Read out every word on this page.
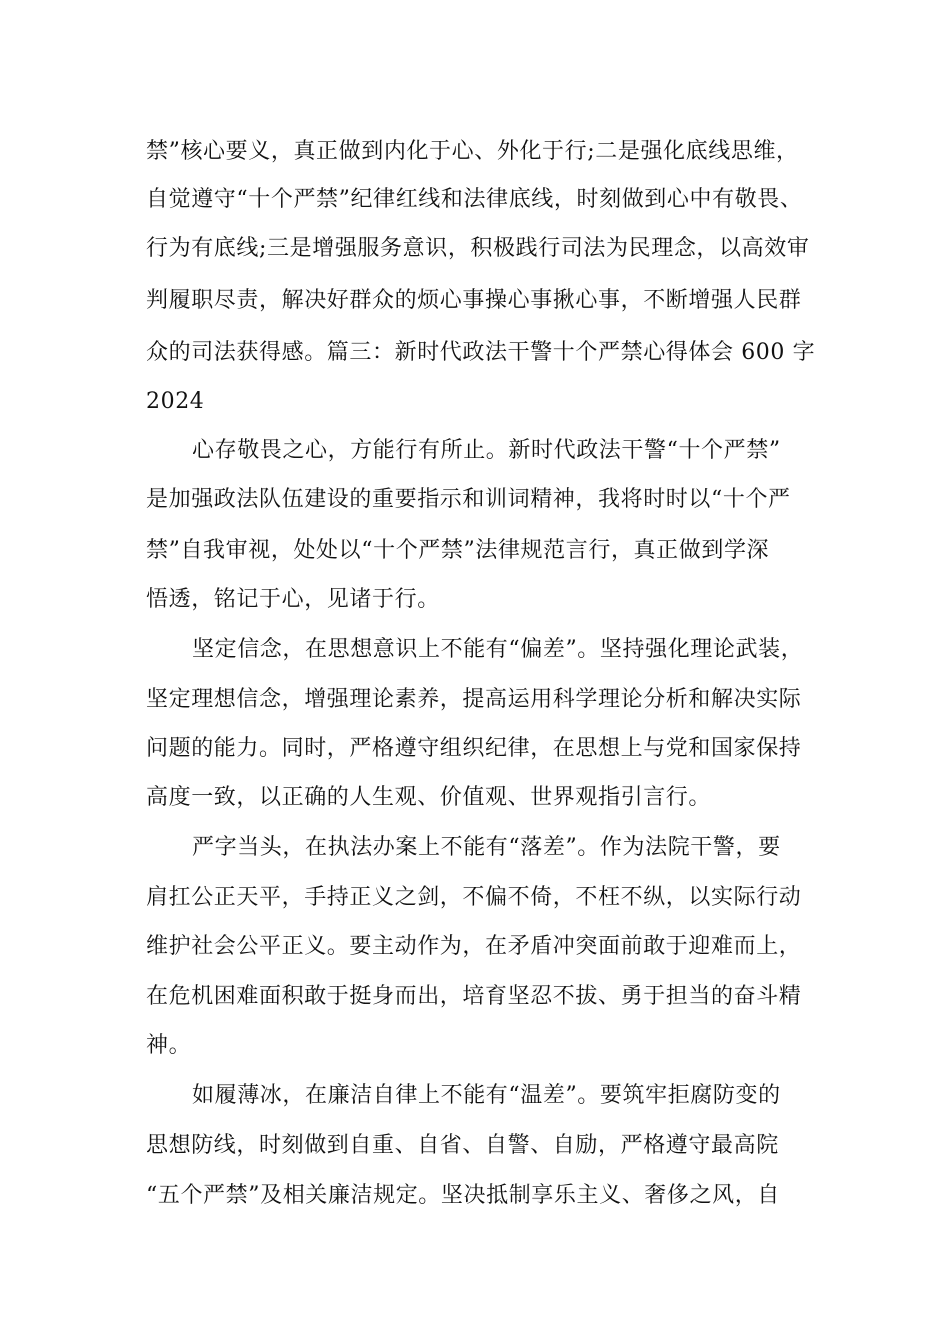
禁”核心要义，真正做到内化于心、外化于行;二是强化底线思维，
自觉遵守“十个严禁”纪律红线和法律底线，时刻做到心中有敬畏、
行为有底线;三是增强服务意识，积极践行司法为民理念，以高效审
判履职尽责，解决好群众的烦心事操心事揪心事，不断增强人民群
众的司法获得感。篇三：新时代政法干警十个严禁心得体会 600 字
2024
心存敬畏之心，方能行有所止。新时代政法干警“十个严禁”
是加强政法队伍建设的重要指示和训词精神，我将时时以“十个严
禁”自我审视，处处以“十个严禁”法律规范言行，真正做到学深
悟透，铭记于心，见诸于行。
坚定信念，在思想意识上不能有“偏差”。坚持强化理论武装，
坚定理想信念，增强理论素养，提高运用科学理论分析和解决实际
问题的能力。同时，严格遵守组织纪律，在思想上与党和国家保持
高度一致，以正确的人生观、价值观、世界观指引言行。
严字当头，在执法办案上不能有“落差”。作为法院干警，要
肩扛公正天平，手持正义之剑，不偏不倚，不枉不纵，以实际行动
维护社会公平正义。要主动作为，在矛盾冲突面前敢于迎难而上，
在危机困难面积敢于挺身而出，培育坚忍不拔、勇于担当的奋斗精
神。
如履薄冰，在廉洁自律上不能有“温差”。要筑牢拒腐防变的
思想防线，时刻做到自重、自省、自警、自励，严格遵守最高院
“五个严禁”及相关廉洁规定。坚决抵制享乐主义、奢侈之风，自
